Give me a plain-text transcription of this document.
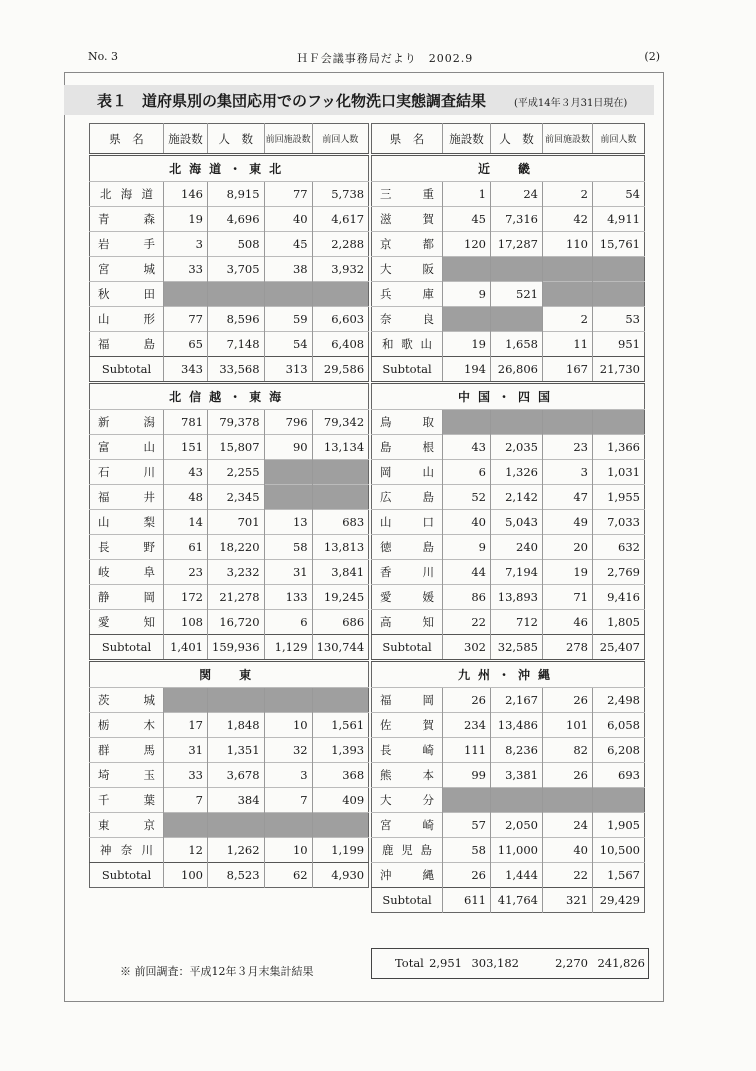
No. 3	ＨＦ会議事務局だより　2002.9	(2)
表１　道府県別の集団応用でのフッ化物洗口実態調査結果	(平成14年３月31日現在)
県　名	施設数	人　数	前回施設数	前回人数
北海道・東北				
北 海 道	146	8,915	77	5,738
青 森	19	4,696	40	4,617
岩 手	3	508	45	2,288
宮 城	33	3,705	38	3,932
秋 田				
山 形	77	8,596	59	6,603
福 島	65	7,148	54	6,408
Subtotal	343	33,568	313	29,586
北信越・東海				
新 潟	781	79,378	796	79,342
富 山	151	15,807	90	13,134
石 川	43	2,255		
福 井	48	2,345		
山 梨	14	701	13	683
長 野	61	18,220	58	13,813
岐 阜	23	3,232	31	3,841
静 岡	172	21,278	133	19,245
愛 知	108	16,720	6	686
Subtotal	1,401	159,936	1,129	130,744
関　東				
茨 城				
栃 木	17	1,848	10	1,561
群 馬	31	1,351	32	1,393
埼 玉	33	3,678	3	368
千 葉	7	384	7	409
東 京				
神 奈 川	12	1,262	10	1,199
Subtotal	100	8,523	62	4,930
県　名	施設数	人　数	前回施設数	前回人数
近　畿				
三 重	1	24	2	54
滋 賀	45	7,316	42	4,911
京 都	120	17,287	110	15,761
大 阪				
兵 庫	9	521		
奈 良			2	53
和 歌 山	19	1,658	11	951
Subtotal	194	26,806	167	21,730
中国・四国				
鳥 取				
島 根	43	2,035	23	1,366
岡 山	6	1,326	3	1,031
広 島	52	2,142	47	1,955
山 口	40	5,043	49	7,033
徳 島	9	240	20	632
香 川	44	7,194	19	2,769
愛 媛	86	13,893	71	9,416
高 知	22	712	46	1,805
Subtotal	302	32,585	278	25,407
九州・沖縄				
福 岡	26	2,167	26	2,498
佐 賀	234	13,486	101	6,058
長 崎	111	8,236	82	6,208
熊 本	99	3,381	26	693
大 分				
宮 崎	57	2,050	24	1,905
鹿 児 島	58	11,000	40	10,500
沖 縄	26	1,444	22	1,567
Subtotal	611	41,764	321	29,429
Total 2,951 303,182	2,270 241,826
※ 前回調査：平成12年３月末集計結果
